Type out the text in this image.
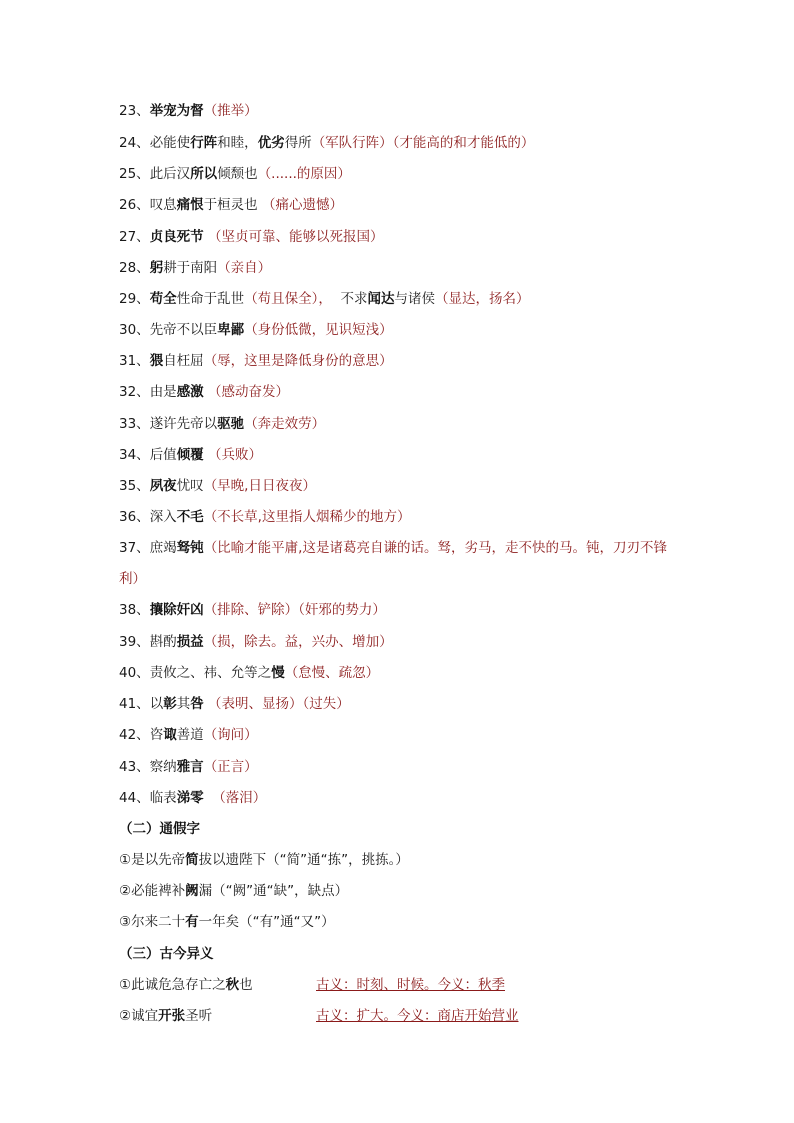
23、举宠为督（推举）
24、必能使行阵和睦，优劣得所（军队行阵）（才能高的和才能低的）
25、此后汉所以倾颓也（......的原因）
26、叹息痛恨于桓灵也 （痛心遗憾）
27、贞良死节 （坚贞可靠、能够以死报国）
28、躬耕于南阳（亲自）
29、苟全性命于乱世（苟且保全），  不求闻达与诸侯（显达，扬名）
30、先帝不以臣卑鄙（身份低微，见识短浅）
31、猥自枉屈（辱，这里是降低身份的意思）
32、由是感激 （感动奋发）
33、遂许先帝以驱驰（奔走效劳）
34、后值倾覆 （兵败）
35、夙夜忧叹（早晚,日日夜夜）
36、深入不毛（不长草,这里指人烟稀少的地方）
37、庶竭驽钝（比喻才能平庸,这是诸葛亮自谦的话。驽，劣马，走不快的马。钝，刀刃不锋利）
38、攘除奸凶（排除、铲除）（奸邪的势力）
39、斟酌损益（损，除去。益，兴办、增加）
40、责攸之、祎、允等之慢（怠慢、疏忽）
41、以彰其咎 （表明、显扬）（过失）
42、咨诹善道（询问）
43、察纳雅言（正言）
44、临表涕零 （落泪）
（二）通假字
①是以先帝简拔以遗陛下（“简”通“拣”，挑拣。）
②必能裨补阙漏（“阙”通“缺”，缺点）
③尔来二十有一年矣（“有”通“又”）
（三）古今异义
①此诚危急存亡之秋也	古义：时刻、时候。今义：秋季
②诚宜开张圣听	古义：扩大。今义：商店开始营业
